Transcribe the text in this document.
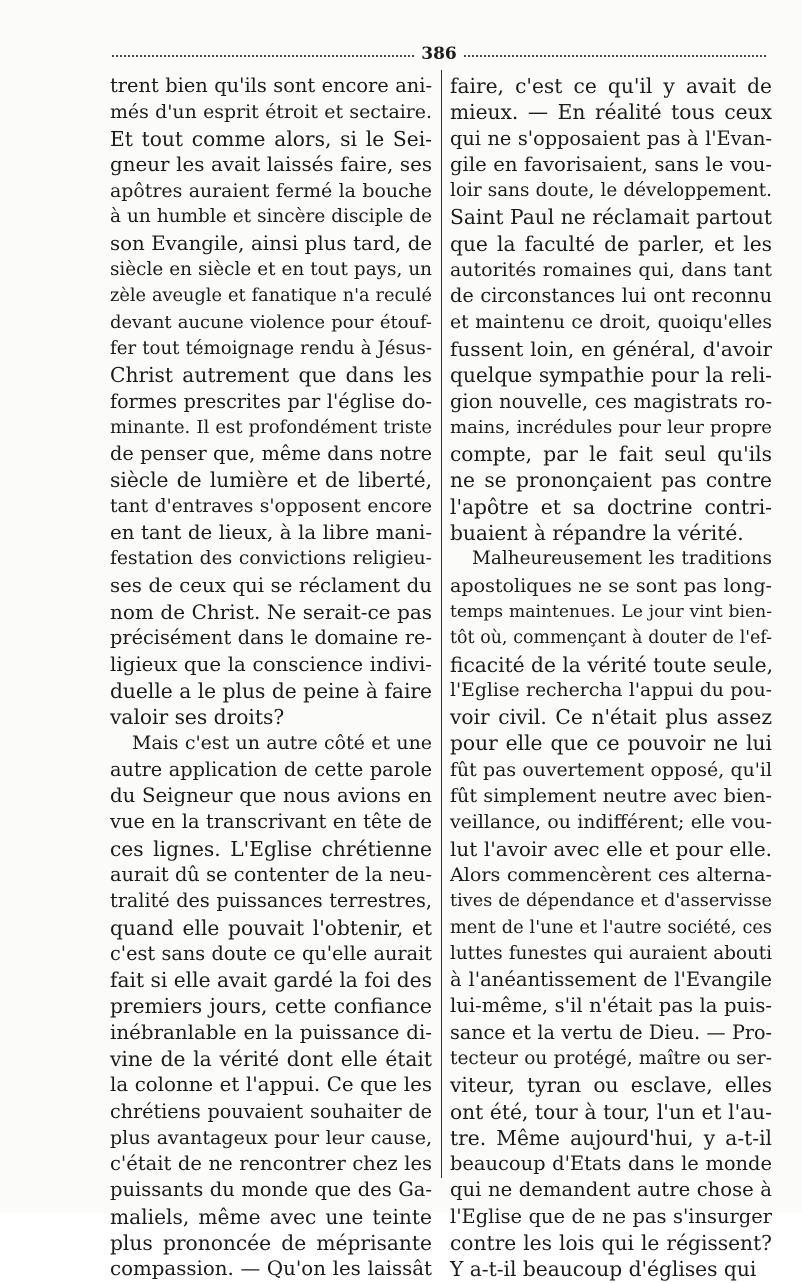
386
trent bien qu'ils sont encore ani-
més d'un esprit étroit et sectaire.
Et tout comme alors, si le Sei-
gneur les avait laissés faire, ses
apôtres auraient fermé la bouche
à un humble et sincère disciple de
son Evangile, ainsi plus tard, de
siècle en siècle et en tout pays, un
zèle aveugle et fanatique n'a reculé
devant aucune violence pour étouf-
fer tout témoignage rendu à Jésus-
Christ autrement que dans les
formes prescrites par l'église do-
minante. Il est profondément triste
de penser que, même dans notre
siècle de lumière et de liberté,
tant d'entraves s'opposent encore
en tant de lieux, à la libre mani-
festation des convictions religieu-
ses de ceux qui se réclament du
nom de Christ. Ne serait-ce pas
précisément dans le domaine re-
ligieux que la conscience indivi-
duelle a le plus de peine à faire
valoir ses droits?
Mais c'est un autre côté et une
autre application de cette parole
du Seigneur que nous avions en
vue en la transcrivant en tête de
ces lignes. L'Eglise chrétienne
aurait dû se contenter de la neu-
tralité des puissances terrestres,
quand elle pouvait l'obtenir, et
c'est sans doute ce qu'elle aurait
fait si elle avait gardé la foi des
premiers jours, cette confiance
inébranlable en la puissance di-
vine de la vérité dont elle était
la colonne et l'appui. Ce que les
chrétiens pouvaient souhaiter de
plus avantageux pour leur cause,
c'était de ne rencontrer chez les
puissants du monde que des Ga-
maliels, même avec une teinte
plus prononcée de méprisante
compassion. — Qu'on les laissât
faire, c'est ce qu'il y avait de
mieux. — En réalité tous ceux
qui ne s'opposaient pas à l'Evan-
gile en favorisaient, sans le vou-
loir sans doute, le développement.
Saint Paul ne réclamait partout
que la faculté de parler, et les
autorités romaines qui, dans tant
de circonstances lui ont reconnu
et maintenu ce droit, quoiqu'elles
fussent loin, en général, d'avoir
quelque sympathie pour la reli-
gion nouvelle, ces magistrats ro-
mains, incrédules pour leur propre
compte, par le fait seul qu'ils
ne se prononçaient pas contre
l'apôtre et sa doctrine contri-
buaient à répandre la vérité.
Malheureusement les traditions
apostoliques ne se sont pas long-
temps maintenues. Le jour vint bien-
tôt où, commençant à douter de l'ef-
ficacité de la vérité toute seule,
l'Eglise rechercha l'appui du pou-
voir civil. Ce n'était plus assez
pour elle que ce pouvoir ne lui
fût pas ouvertement opposé, qu'il
fût simplement neutre avec bien-
veillance, ou indifférent; elle vou-
lut l'avoir avec elle et pour elle.
Alors commencèrent ces alterna-
tives de dépendance et d'asservisse
ment de l'une et l'autre société, ces
luttes funestes qui auraient abouti
à l'anéantissement de l'Evangile
lui-même, s'il n'était pas la puis-
sance et la vertu de Dieu. — Pro-
tecteur ou protégé, maître ou ser-
viteur, tyran ou esclave, elles
ont été, tour à tour, l'un et l'au-
tre. Même aujourd'hui, y a-t-il
beaucoup d'Etats dans le monde
qui ne demandent autre chose à
l'Eglise que de ne pas s'insurger
contre les lois qui le régissent?
Y a-t-il beaucoup d'églises qui
